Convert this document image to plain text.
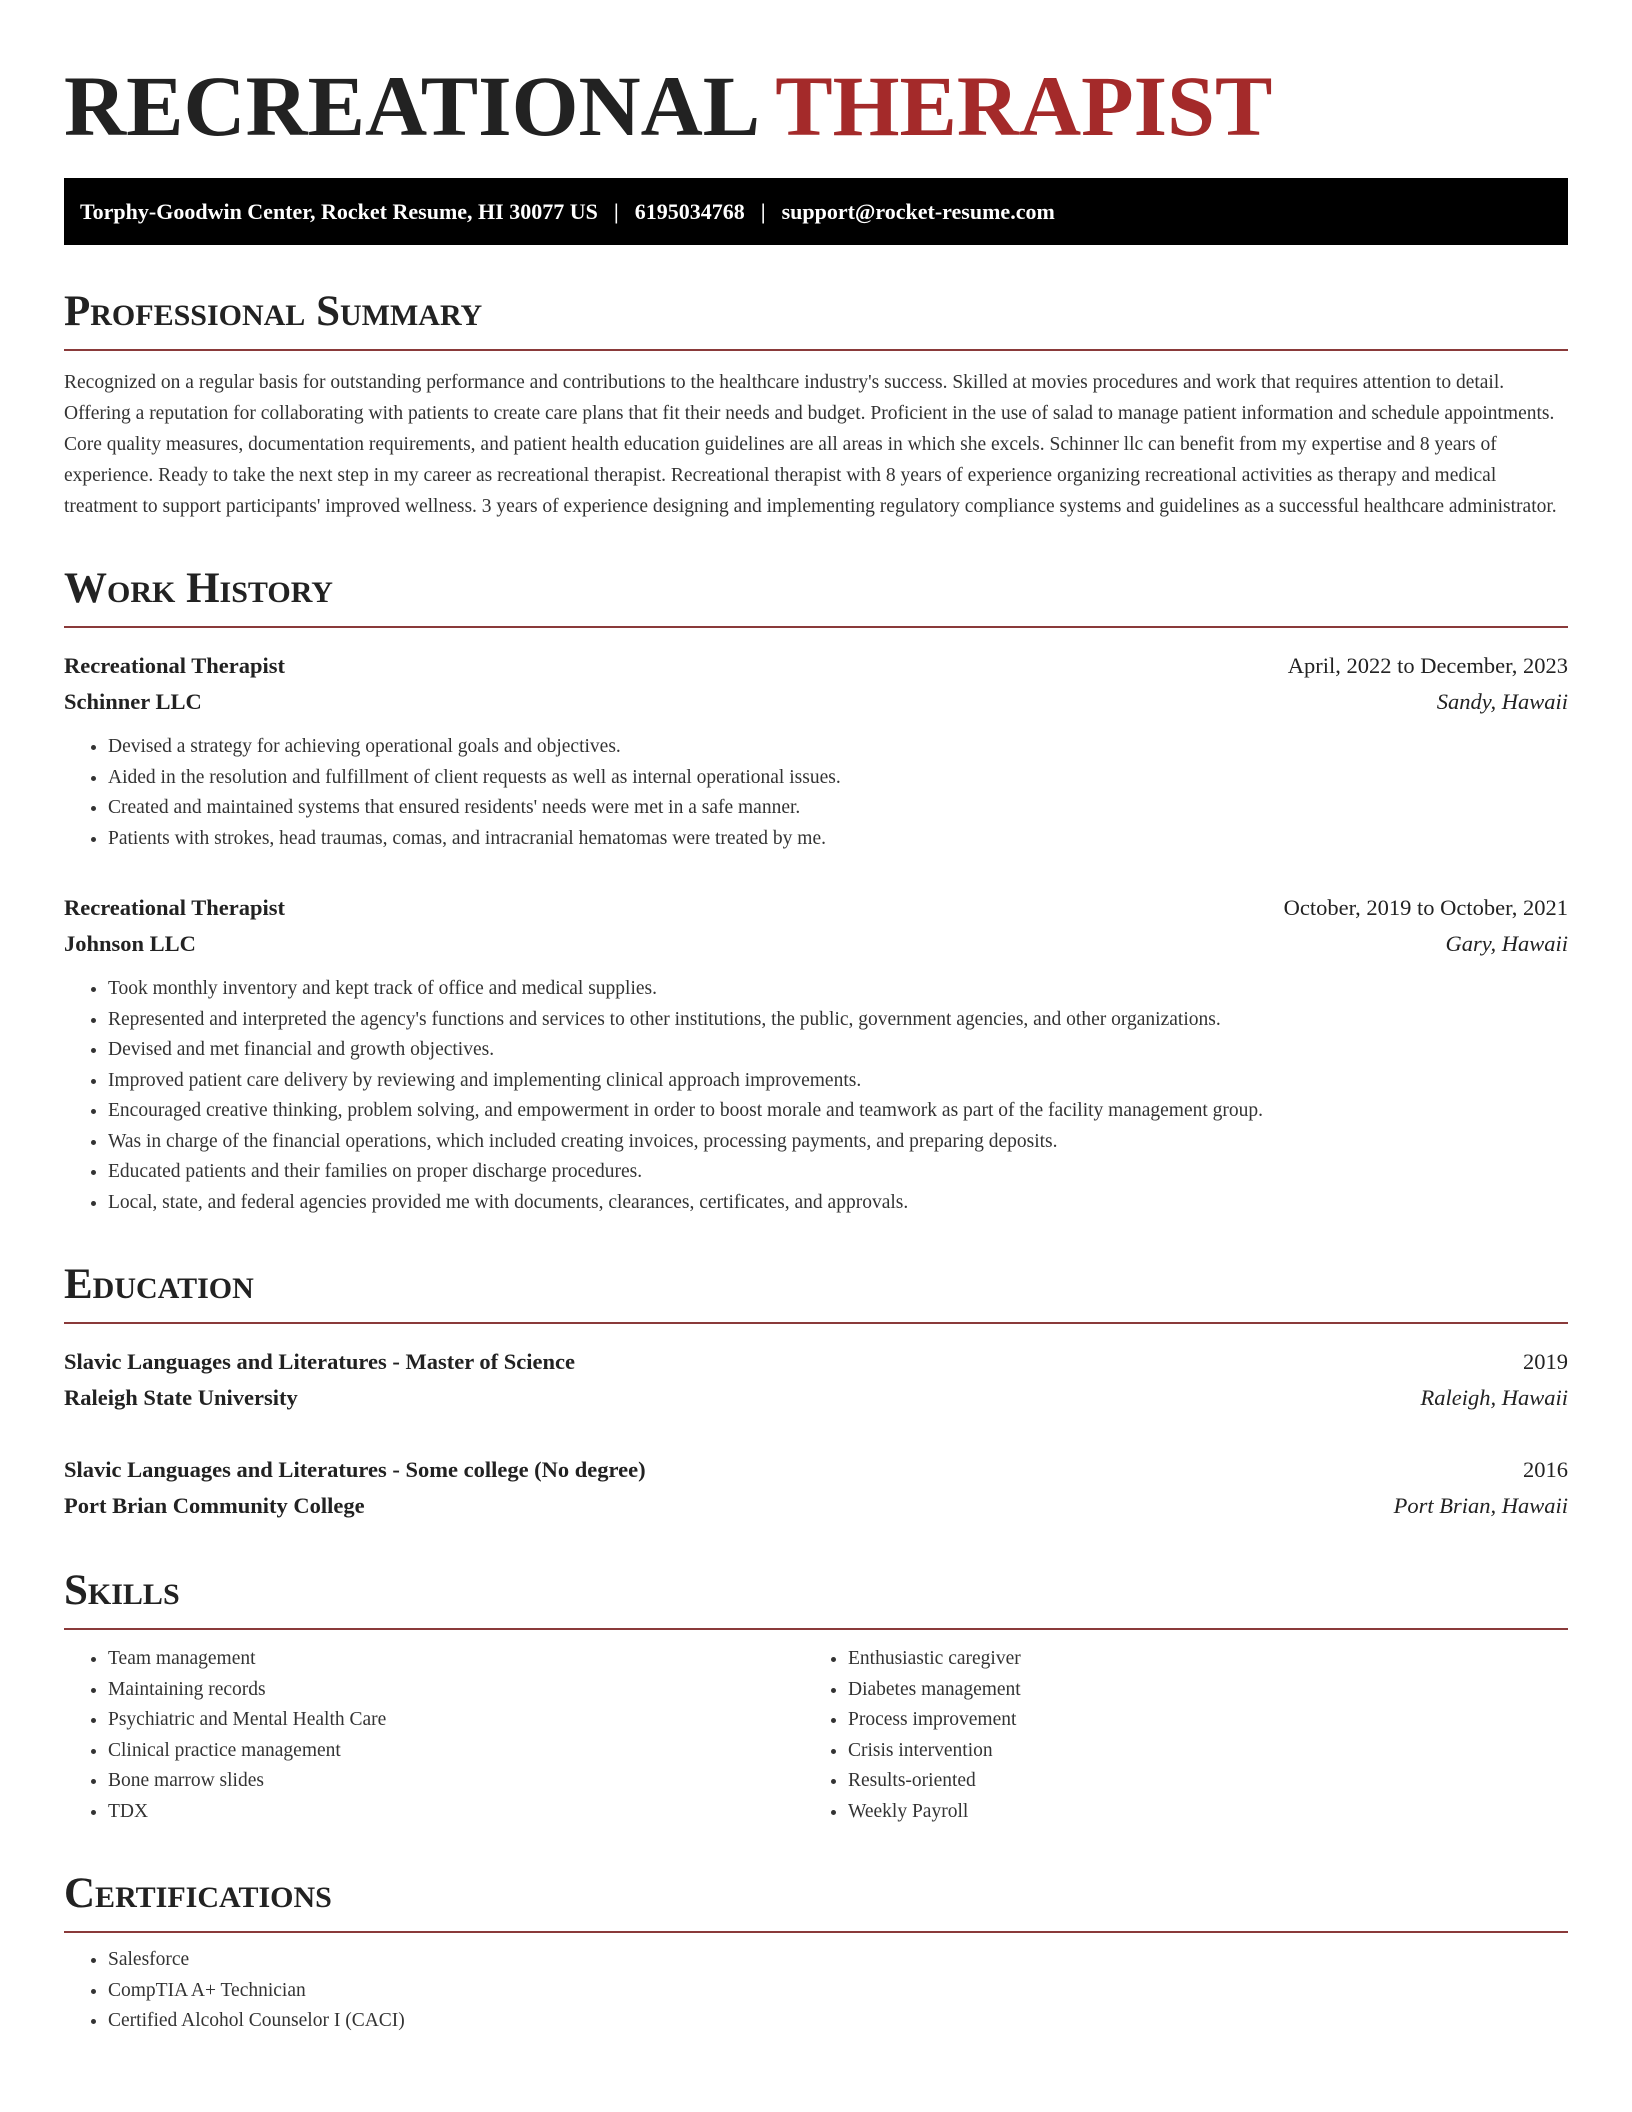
RECREATIONAL THERAPIST
Torphy-Goodwin Center, Rocket Resume, HI 30077 US | 6195034768 | support@rocket-resume.com
Professional Summary

Recognized on a regular basis for outstanding performance and contributions to the healthcare industry's success. Skilled at movies procedures and work that requires attention to detail. Offering a reputation for collaborating with patients to create care plans that fit their needs and budget. Proficient in the use of salad to manage patient information and schedule appointments. Core quality measures, documentation requirements, and patient health education guidelines are all areas in which she excels. Schinner llc can benefit from my expertise and 8 years of experience. Ready to take the next step in my career as recreational therapist. Recreational therapist with 8 years of experience organizing recreational activities as therapy and medical treatment to support participants' improved wellness. 3 years of experience designing and implementing regulatory compliance systems and guidelines as a successful healthcare administrator.

Work History
Recreational Therapist	April, 2022 to December, 2023
Schinner LLC	Sandy, Hawaii
• Devised a strategy for achieving operational goals and objectives.
• Aided in the resolution and fulfillment of client requests as well as internal operational issues.
• Created and maintained systems that ensured residents' needs were met in a safe manner.
• Patients with strokes, head traumas, comas, and intracranial hematomas were treated by me.
Recreational Therapist	October, 2019 to October, 2021
Johnson LLC	Gary, Hawaii
• Took monthly inventory and kept track of office and medical supplies.
• Represented and interpreted the agency's functions and services to other institutions, the public, government agencies, and other organizations.
• Devised and met financial and growth objectives.
• Improved patient care delivery by reviewing and implementing clinical approach improvements.
• Encouraged creative thinking, problem solving, and empowerment in order to boost morale and teamwork as part of the facility management group.
• Was in charge of the financial operations, which included creating invoices, processing payments, and preparing deposits.
• Educated patients and their families on proper discharge procedures.
• Local, state, and federal agencies provided me with documents, clearances, certificates, and approvals.
Education
Slavic Languages and Literatures - Master of Science	2019
Raleigh State University	Raleigh, Hawaii
Slavic Languages and Literatures - Some college (No degree)	2016
Port Brian Community College	Port Brian, Hawaii
Skills
• Team management
• Maintaining records
• Psychiatric and Mental Health Care
• Clinical practice management
• Bone marrow slides
• TDX
• Enthusiastic caregiver
• Diabetes management
• Process improvement
• Crisis intervention
• Results-oriented
• Weekly Payroll
Certifications
• Salesforce
• CompTIA A+ Technician
• Certified Alcohol Counselor I (CACI)
